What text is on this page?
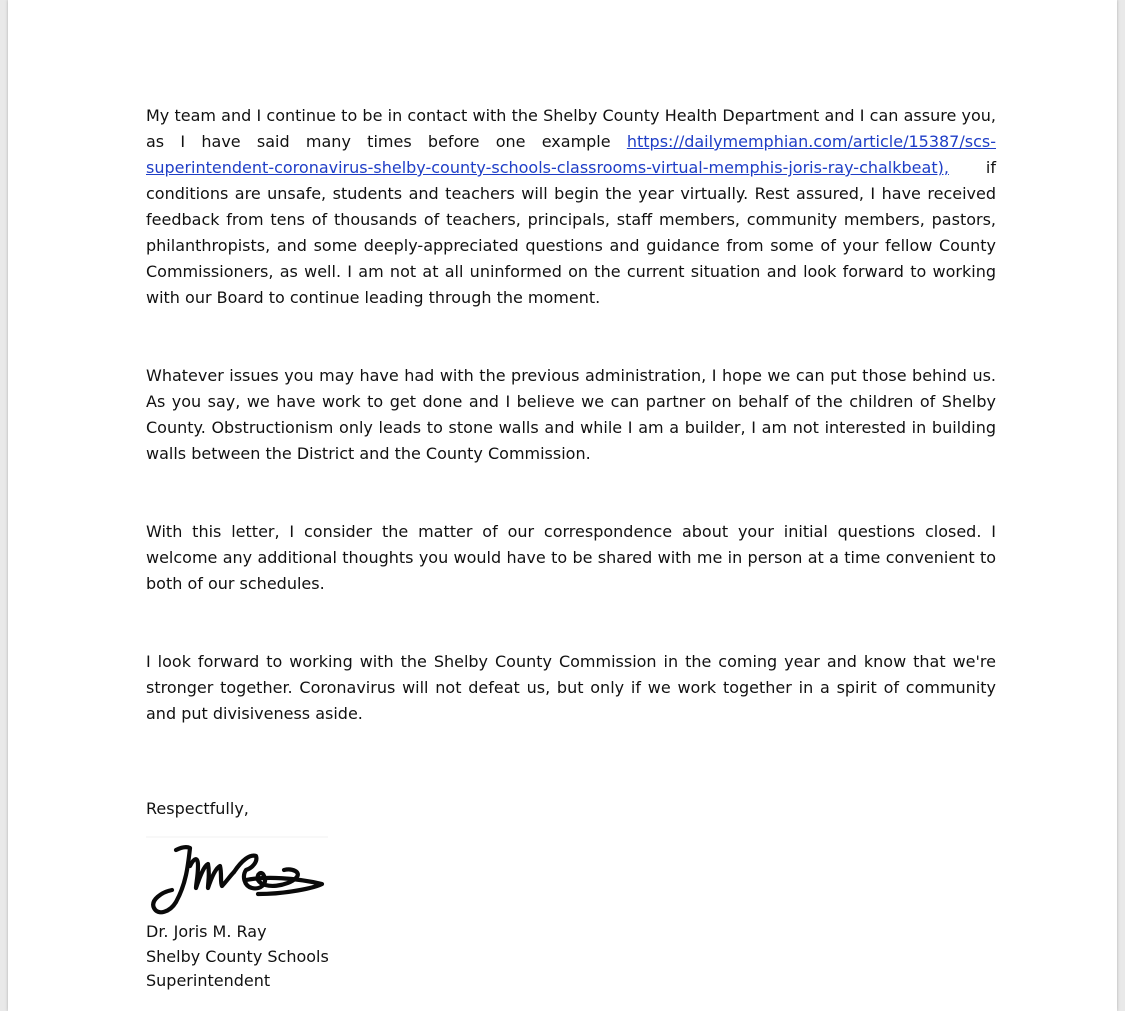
My team and I continue to be in contact with the Shelby County Health Department and I can assure you, as I have said many times before one example https://dailymemphian.com/article/15387/scs-superintendent-coronavirus-shelby-county-schools-classrooms-virtual-memphis-joris-ray-chalkbeat), if conditions are unsafe, students and teachers will begin the year virtually. Rest assured, I have received feedback from tens of thousands of teachers, principals, staff members, community members, pastors, philanthropists, and some deeply-appreciated questions and guidance from some of your fellow County Commissioners, as well. I am not at all uninformed on the current situation and look forward to working with our Board to continue leading through the moment.

Whatever issues you may have had with the previous administration, I hope we can put those behind us. As you say, we have work to get done and I believe we can partner on behalf of the children of Shelby County. Obstructionism only leads to stone walls and while I am a builder, I am not interested in building walls between the District and the County Commission.

With this letter, I consider the matter of our correspondence about your initial questions closed. I welcome any additional thoughts you would have to be shared with me in person at a time convenient to both of our schedules.

I look forward to working with the Shelby County Commission in the coming year and know that we're stronger together. Coronavirus will not defeat us, but only if we work together in a spirit of community and put divisiveness aside.

Respectfully,
Dr. Joris M. Ray
Shelby County Schools
Superintendent
